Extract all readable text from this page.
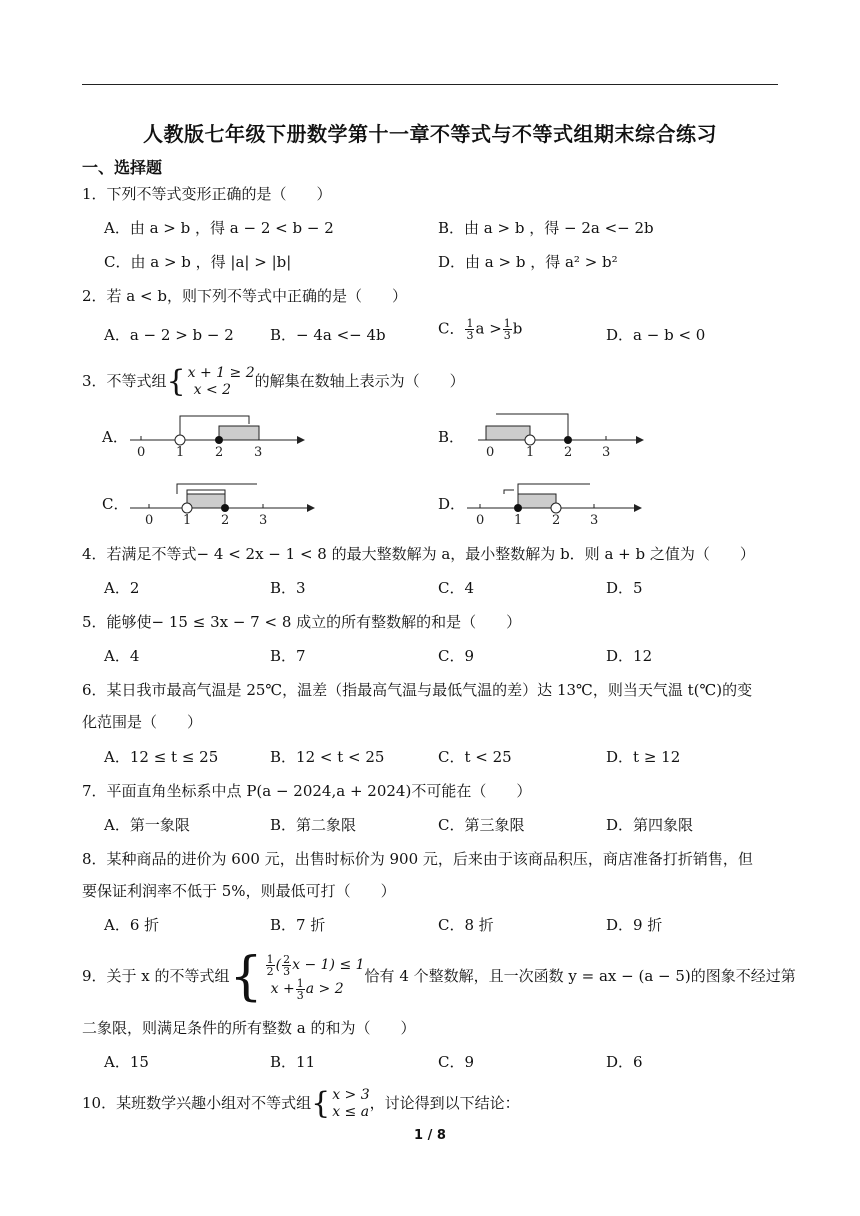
人教版七年级下册数学第十一章不等式与不等式组期末综合练习
一、选择题
1．下列不等式变形正确的是（　　）
A．由 a > b ，得 a − 2 < b − 2	B．由 a > b ，得 − 2a <− 2b
C．由 a > b ，得 |a| > |b|	D．由 a > b ，得 a² > b²
2．若 a < b，则下列不等式中正确的是（　　）
A．a − 2 > b − 2 B．− 4a <− 4b	C． $\frac{1}{3}$ $a > \frac{1}{3}$ b	D．a − b < 0
3．不等式组{ x + 1 ≥ 2
x < 2	的解集在数轴上表示为（　　）
A．
0 1 2 3
B．
0 1 2 3
C．
0 1 2 3
D．
0 1 2 3
4．若满足不等式− 4 < 2x − 1 < 8 的最大整数解为 a，最小整数解为 b．则 a + b 之值为（　　）
A．2	B．3	C．4	D．5
5．能够使− 15 ≤ 3x − 7 < 8 成立的所有整数解的和是（　　）
A．4	B．7	C．9	D．12
6．某日我市最高气温是 25℃，温差（指最高气温与最低气温的差）达 13℃，则当天气温 t(℃)的变
化范围是（　　）
A．12 ≤ t ≤ 25	B．12 < t < 25	C．t < 25	D．t ≥ 12
7．平面直角坐标系中点 P(a − 2024,a + 2024)不可能在（　　）
A．第一象限	B．第二象限	C．第三象限	D．第四象限
8．某种商品的进价为 600 元，出售时标价为 900 元，后来由于该商品积压，商店准备打折销售，但
要保证利润率不低于 5%，则最低可打（　　）
A．6 折	B．7 折	C．8 折	D．9 折
9．关于 x 的不等式组{ $\frac{1}{2}$ ( $\frac{2}{3}$ x − 1) ≤ 1
$x + \frac{1}{3}$ a > 2
恰有 4 个整数解，且一次函数 y = ax − (a − 5)的图象不经过第
二象限，则满足条件的所有整数 a 的和为（　　）
A．15	B．11	C．9	D．6
10．某班数学兴趣小组对不等式组{ x > 3
x ≤ a ，讨论得到以下结论：
1 / 8
